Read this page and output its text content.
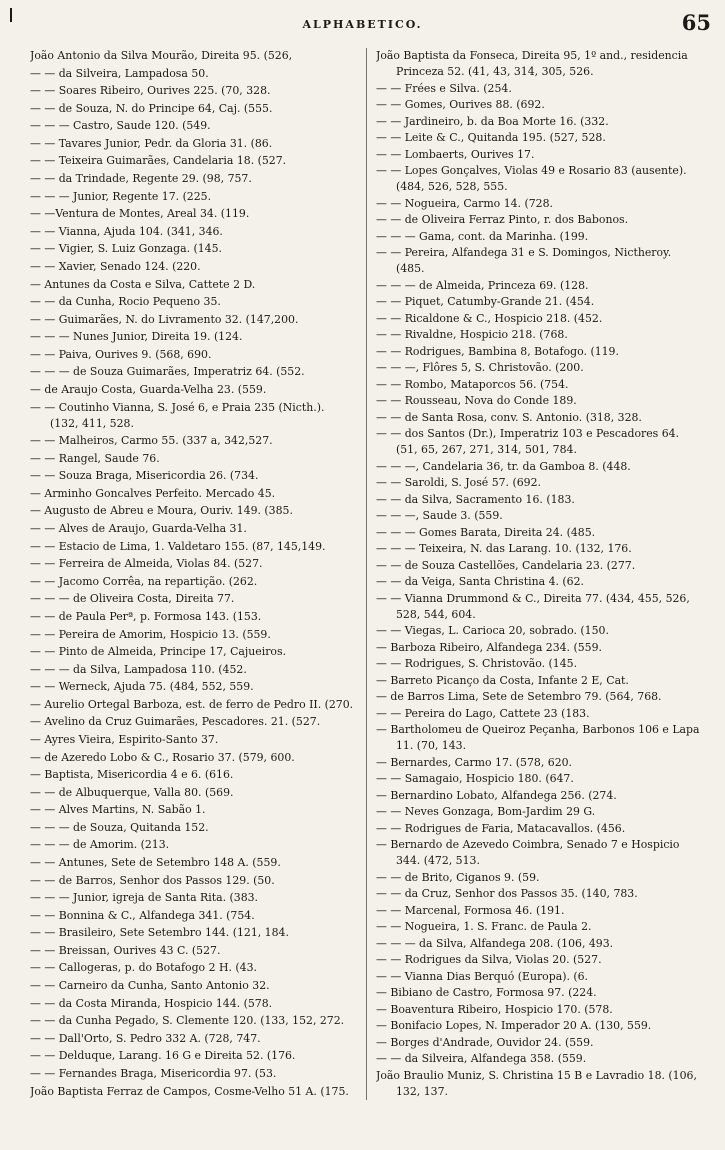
ALPHABETICO.	65
João Antonio da Silva Mourão, Direita 95. (526,
— — da Silveira, Lampadosa 50.
— — Soares Ribeiro, Ourives 225. (70, 328.
— — de Souza, N. do Principe 64, Caj. (555.
— — — Castro, Saude 120. (549.
— — Tavares Junior, Pedr. da Gloria 31. (86.
— — Teixeira Guimarães, Candelaria 18. (527.
— — da Trindade, Regente 29. (98, 757.
— — — Junior, Regente 17. (225.
— —Ventura de Montes, Areal 34. (119.
— — Vianna, Ajuda 104. (341, 346.
— — Vigier, S. Luiz Gonzaga. (145.
— — Xavier, Senado 124. (220.
— Antunes da Costa e Silva, Cattete 2 D.
— — da Cunha, Rocio Pequeno 35.
— — Guimarães, N. do Livramento 32. (147,200.
— — — Nunes Junior, Direita 19. (124.
— — Paiva, Ourives 9. (568, 690.
— — — de Souza Guimarães, Imperatriz 64. (552.
— de Araujo Costa, Guarda-Velha 23. (559.
— — Coutinho Vianna, S. José 6, e Praia 235 (Nicth.). (132, 411, 528.
— — Malheiros, Carmo 55. (337 a, 342,527.
— — Rangel, Saude 76.
— — Souza Braga, Misericordia 26. (734.
— Arminho Goncalves Perfeito. Mercado 45.
— Augusto de Abreu e Moura, Ouriv. 149. (385.
— — Alves de Araujo, Guarda-Velha 31.
— — Estacio de Lima, 1. Valdetaro 155. (87, 145,149.
— — Ferreira de Almeida, Violas 84. (527.
— — Jacomo Corrêa, na repartição. (262.
— — — de Oliveira Costa, Direita 77.
— — de Paula Perª, p. Formosa 143. (153.
— — Pereira de Amorim, Hospicio 13. (559.
— — Pinto de Almeida, Principe 17, Cajueiros.
— — — da Silva, Lampadosa 110. (452.
— — Werneck, Ajuda 75. (484, 552, 559.
— Aurelio Ortegal Barboza, est. de ferro de Pedro II. (270.
— Avelino da Cruz Guimarães, Pescadores. 21. (527.
— Ayres Vieira, Espirito-Santo 37.
— de Azeredo Lobo & C., Rosario 37. (579, 600.
— Baptista, Misericordia 4 e 6. (616.
— — de Albuquerque, Valla 80. (569.
— — Alves Martins, N. Sabão 1.
— — — de Souza, Quitanda 152.
— — — de Amorim. (213.
— — Antunes, Sete de Setembro 148 A. (559.
— — de Barros, Senhor dos Passos 129. (50.
— — — Junior, igreja de Santa Rita. (383.
— — Bonnina & C., Alfandega 341. (754.
— — Brasileiro, Sete Setembro 144. (121, 184.
— — Breissan, Ourives 43 C. (527.
— — Callogeras, p. do Botafogo 2 H. (43.
— — Carneiro da Cunha, Santo Antonio 32.
— — da Costa Miranda, Hospicio 144. (578.
— — da Cunha Pegado, S. Clemente 120. (133, 152, 272.
— — Dall'Orto, S. Pedro 332 A. (728, 747.
— — Delduque, Larang. 16 G e Direita 52. (176.
— — Fernandes Braga, Misericordia 97. (53.
João Baptista Ferraz de Campos, Cosme-Velho 51 A. (175.
João Baptista da Fonseca, Direita 95, 1º and., residencia Princeza 52. (41, 43, 314, 305, 526.
— — Frées e Silva. (254.
— — Gomes, Ourives 88. (692.
— — Jardineiro, b. da Boa Morte 16. (332.
— — Leite & C., Quitanda 195. (527, 528.
— — Lombaerts, Ourives 17.
— — Lopes Gonçalves, Violas 49 e Rosario 83 (ausente). (484, 526, 528, 555.
— — Nogueira, Carmo 14. (728.
— — de Oliveira Ferraz Pinto, r. dos Babonos.
— — — Gama, cont. da Marinha. (199.
— — Pereira, Alfandega 31 e S. Domingos, Nictheroy. (485.
— — — de Almeida, Princeza 69. (128.
— — Piquet, Catumby-Grande 21. (454.
— — Ricaldone & C., Hospicio 218. (452.
— — Rivaldne, Hospicio 218. (768.
— — Rodrigues, Bambina 8, Botafogo. (119.
— — —, Flôres 5, S. Christovão. (200.
— — Rombo, Mataporcos 56. (754.
— — Rousseau, Nova do Conde 189.
— — de Santa Rosa, conv. S. Antonio. (318, 328.
— — dos Santos (Dr.), Imperatriz 103 e Pescadores 64. (51, 65, 267, 271, 314, 501, 784.
— — —, Candelaria 36, tr. da Gamboa 8. (448.
— — Saroldi, S. José 57. (692.
— — da Silva, Sacramento 16. (183.
— — —, Saude 3. (559.
— — — Gomes Barata, Direita 24. (485.
— — — Teixeira, N. das Larang. 10. (132, 176.
— — de Souza Castellões, Candelaria 23. (277.
— — da Veiga, Santa Christina 4. (62.
— — Vianna Drummond & C., Direita 77. (434, 455, 526, 528, 544, 604.
— — Viegas, L. Carioca 20, sobrado. (150.
— Barboza Ribeiro, Alfandega 234. (559.
— — Rodrigues, S. Christovão. (145.
— Barreto Picanço da Costa, Infante 2 E, Cat.
— de Barros Lima, Sete de Setembro 79. (564, 768.
— — Pereira do Lago, Cattete 23 (183.
— Bartholomeu de Queiroz Peçanha, Barbonos 106 e Lapa 11. (70, 143.
— Bernardes, Carmo 17. (578, 620.
— — Samagaio, Hospicio 180. (647.
— Bernardino Lobato, Alfandega 256. (274.
— — Neves Gonzaga, Bom-Jardim 29 G.
— — Rodrigues de Faria, Matacavallos. (456.
— Bernardo de Azevedo Coimbra, Senado 7 e Hospicio 344. (472, 513.
— — de Brito, Ciganos 9. (59.
— — da Cruz, Senhor dos Passos 35. (140, 783.
— — Marcenal, Formosa 46. (191.
— — Nogueira, 1. S. Franc. de Paula 2.
— — — da Silva, Alfandega 208. (106, 493.
— — Rodrigues da Silva, Violas 20. (527.
— — Vianna Dias Berquó (Europa). (6.
— Bibiano de Castro, Formosa 97. (224.
— Boaventura Ribeiro, Hospicio 170. (578.
— Bonifacio Lopes, N. Imperador 20 A. (130, 559.
— Borges d'Andrade, Ouvidor 24. (559.
— — da Silveira, Alfandega 358. (559.
João Braulio Muniz, S. Christina 15 B e Lavradio 18. (106, 132, 137.
